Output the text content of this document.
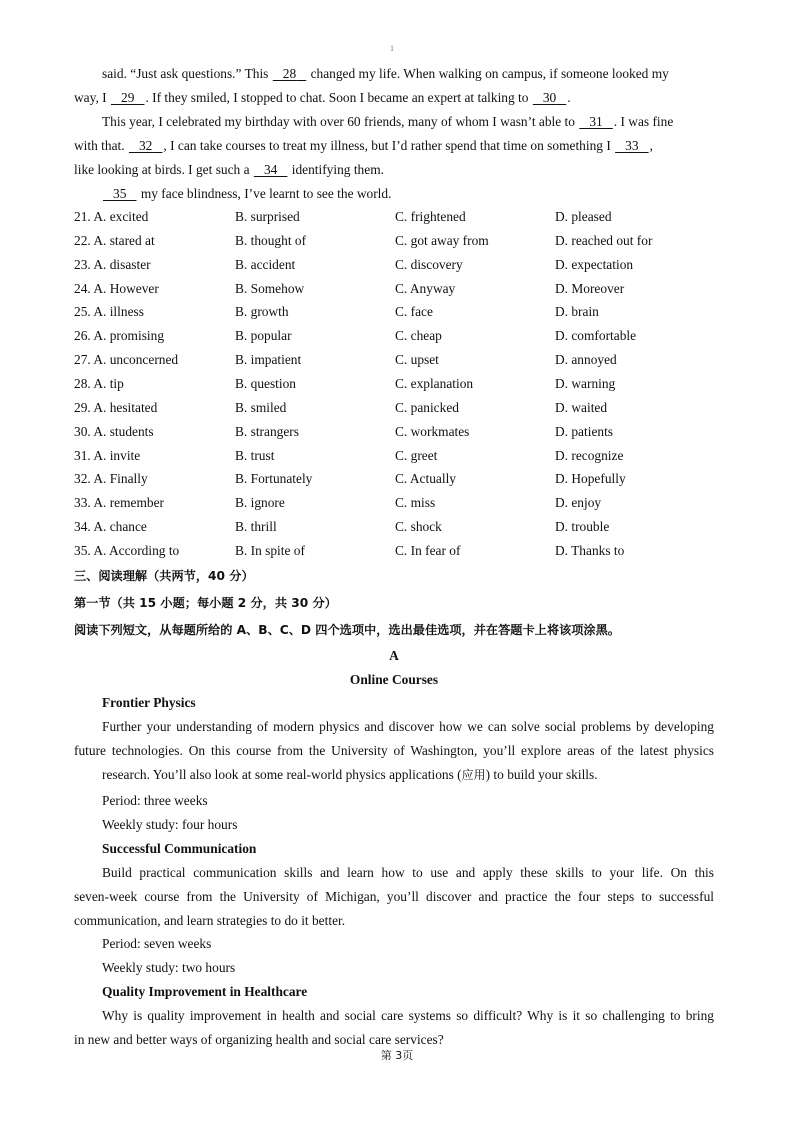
1
said. “Just ask questions.” This    28    changed my life. When walking on campus, if someone looked my
way, I    29 . If they smiled, I stopped to chat. Soon I became an expert at talking to    30 .
This year, I celebrated my birthday with over 60 friends, many of whom I wasn’t able to    31 . I was fine
with that.    32 , I can take courses to treat my illness, but I’d rather spend that time on something I    33 ,
like looking at birds. I get such a    34    identifying them.
35    my face blindness, I’ve learnt to see the world.
21. A. excited	B. surprised	C. frightened	D. pleased
22. A. stared at	B. thought of	C. got away from	D. reached out for
23. A. disaster	B. accident	C. discovery	D. expectation
24. A. However	B. Somehow	C. Anyway	D. Moreover
25. A. illness	B. growth	C. face	D. brain
26. A. promising	B. popular	C. cheap	D. comfortable
27. A. unconcerned	B. impatient	C. upset	D. annoyed
28. A. tip	B. question	C. explanation	D. warning
29. A. hesitated	B. smiled	C. panicked	D. waited
30. A. students	B. strangers	C. workmates	D. patients
31. A. invite	B. trust	C. greet	D. recognize
32. A. Finally	B. Fortunately	C. Actually	D. Hopefully
33. A. remember	B. ignore	C. miss	D. enjoy
34. A. chance	B. thrill	C. shock	D. trouble
35. A. According to	B. In spite of	C. In fear of	D. Thanks to
三、阅读理解（共两节，40 分）
第一节（共 15 小题；每小题 2 分，共 30 分）
阅读下列短文，从每题所给的 A、B、C、D 四个选项中，选出最佳选项，并在答题卡上将该项涂黑。
A
Online Courses
Frontier Physics
Further your understanding of modern physics and discover how we can solve social problems by developing
future technologies. On this course from the University of Washington, you’ll explore areas of the latest physics
research. You’ll also look at some real-world physics applications (应用) to build your skills.
Period: three weeks
Weekly study: four hours
Successful Communication
Build practical communication skills and learn how to use and apply these skills to your life. On this
seven-week course from the University of Michigan, you’ll discover and practice the four steps to successful
communication, and learn strategies to do it better.
Period: seven weeks
Weekly study: two hours
Quality Improvement in Healthcare
Why is quality improvement in health and social care systems so difficult? Why is it so challenging to bring
in new and better ways of organizing health and social care services?
第 3页
